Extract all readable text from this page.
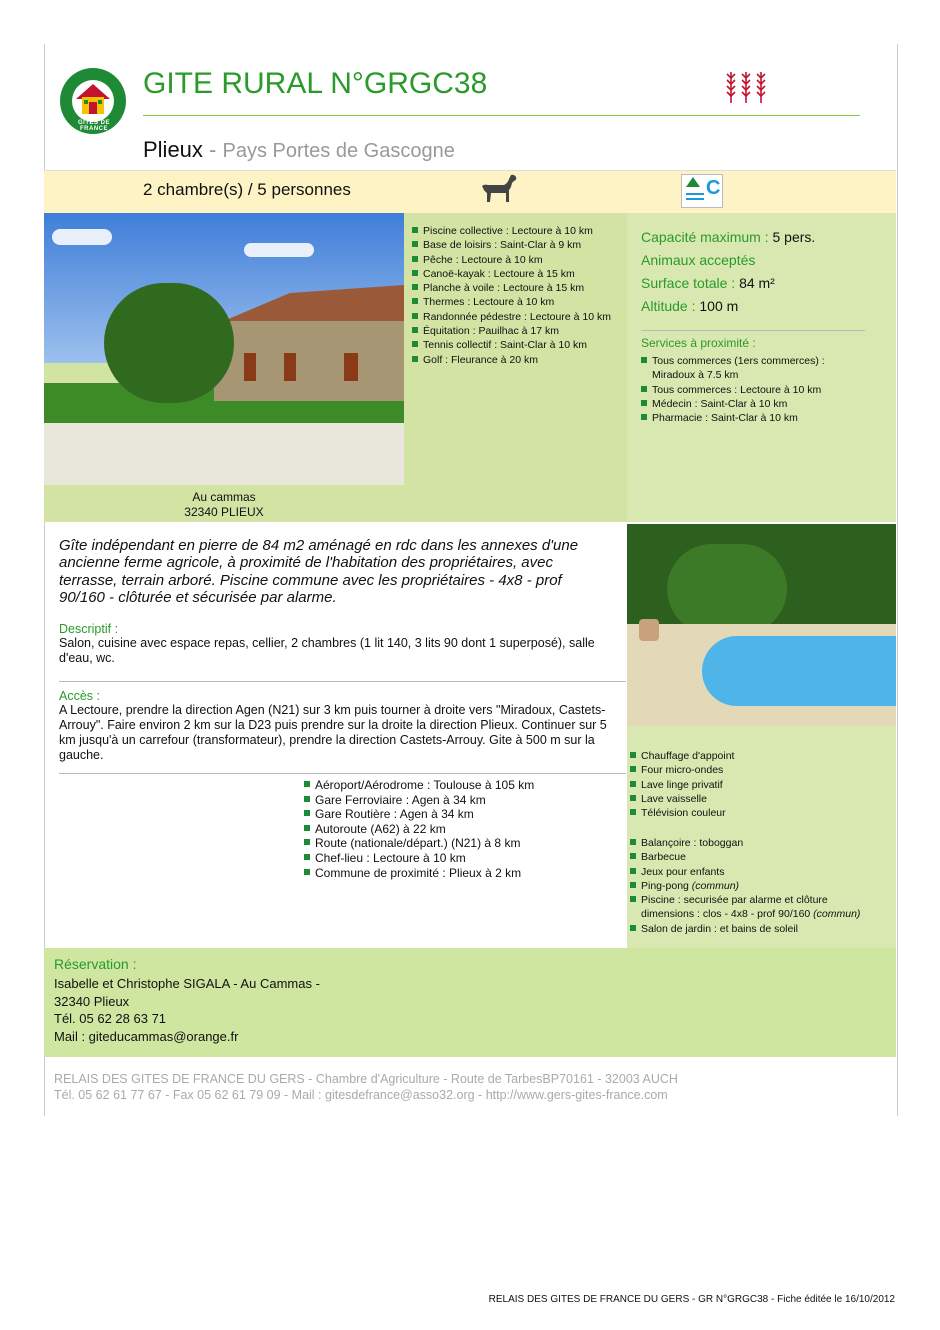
GÎTES DE FRANCE
GITE RURAL N°GRGC38
Plieux - Pays Portes de Gascogne
2 chambre(s) / 5 personnes	C
Au cammas
32340 PLIEUX
Piscine collective : Lectoure à 10 km
Base de loisirs : Saint-Clar à 9 km
Pêche : Lectoure à 10 km
Canoë-kayak : Lectoure à 15 km
Planche à voile : Lectoure à 15 km
Thermes : Lectoure à 10 km
Randonnée pédestre : Lectoure à 10 km
Équitation : Pauilhac à 17 km
Tennis collectif : Saint-Clar à 10 km
Golf : Fleurance à 20 km
Capacité maximum : 5 pers.
Animaux acceptés
Surface totale : 84 m²
Altitude : 100 m
Services à proximité :
Tous commerces (1ers commerces) : Miradoux à 7.5 km
Tous commerces : Lectoure à 10 km
Médecin : Saint-Clar à 10 km
Pharmacie : Saint-Clar à 10 km
Gîte indépendant en pierre de 84 m2 aménagé en rdc dans les annexes d'une ancienne ferme agricole, à proximité de l'habitation des propriétaires, avec terrasse, terrain arboré. Piscine commune avec les propriétaires - 4x8 - prof 90/160 - clôturée et sécurisée par alarme.
Descriptif :
Salon, cuisine avec espace repas, cellier, 2 chambres (1 lit 140, 3 lits 90 dont 1 superposé), salle d'eau, wc.
Accès :
A Lectoure, prendre la direction Agen (N21) sur 3 km puis tourner à droite vers "Miradoux, Castets-Arrouy". Faire environ 2 km sur la D23 puis prendre sur la droite la direction Plieux. Continuer sur 5 km jusqu'à un carrefour (transformateur), prendre la direction Castets-Arrouy. Gite à 500 m sur la gauche.
Aéroport/Aérodrome : Toulouse à 105 km
Gare Ferroviaire : Agen à 34 km
Gare Routière : Agen à 34 km
Autoroute (A62) à 22 km
Route (nationale/départ.) (N21) à 8 km
Chef-lieu : Lectoure à 10 km
Commune de proximité : Plieux à 2 km
Chauffage d'appoint
Four micro-ondes
Lave linge privatif
Lave vaisselle
Télévision couleur
Balançoire : toboggan
Barbecue
Jeux pour enfants
Ping-pong (commun)
Piscine : securisée par alarme et clôture dimensions : clos - 4x8 - prof 90/160 (commun)
Salon de jardin : et bains de soleil
Réservation :
Isabelle et Christophe SIGALA - Au Cammas -
32340 Plieux
Tél. 05 62 28 63 71
Mail : giteducammas@orange.fr
RELAIS DES GITES DE FRANCE DU GERS - Chambre d'Agriculture - Route de TarbesBP70161 - 32003 AUCH
Tél. 05 62 61 77 67 - Fax 05 62 61 79 09 - Mail : gitesdefrance@asso32.org - http://www.gers-gites-france.com
RELAIS DES GITES DE FRANCE DU GERS - GR N°GRGC38 - Fiche éditée le 16/10/2012
